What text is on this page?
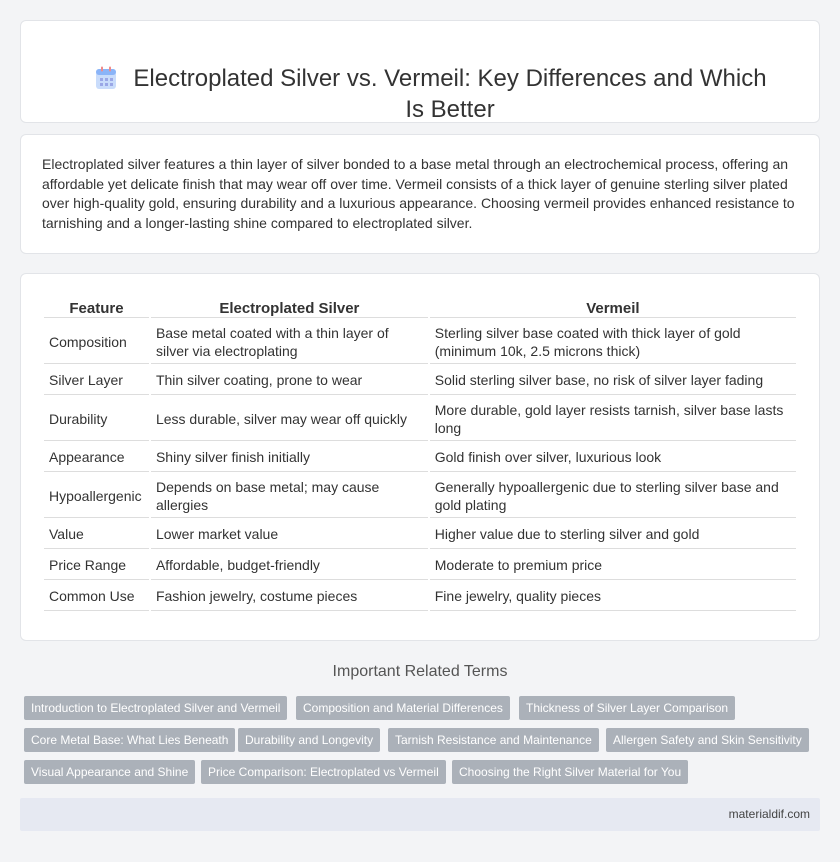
Electroplated Silver vs. Vermeil: Key Differences and Which Is Better

Electroplated silver features a thin layer of silver bonded to a base metal through an electrochemical process, offering an affordable yet delicate finish that may wear off over time. Vermeil consists of a thick layer of genuine sterling silver plated over high-quality gold, ensuring durability and a luxurious appearance. Choosing vermeil provides enhanced resistance to tarnishing and a longer-lasting shine compared to electroplated silver.

Feature	Electroplated Silver	Vermeil
Composition	Base metal coated with a thin layer of silver via electroplating	Sterling silver base coated with thick layer of gold (minimum 10k, 2.5 microns thick)
Silver Layer	Thin silver coating, prone to wear	Solid sterling silver base, no risk of silver layer fading
Durability	Less durable, silver may wear off quickly	More durable, gold layer resists tarnish, silver base lasts long
Appearance	Shiny silver finish initially	Gold finish over silver, luxurious look
Hypoallergenic	Depends on base metal; may cause allergies	Generally hypoallergenic due to sterling silver base and gold plating
Value	Lower market value	Higher value due to sterling silver and gold
Price Range	Affordable, budget-friendly	Moderate to premium price
Common Use	Fashion jewelry, costume pieces	Fine jewelry, quality pieces
Important Related Terms
Introduction to Electroplated Silver and Vermeil	Composition and Material Differences	Thickness of Silver Layer Comparison
Core Metal Base: What Lies Beneath	Durability and Longevity	Tarnish Resistance and Maintenance	Allergen Safety and Skin Sensitivity
Visual Appearance and Shine	Price Comparison: Electroplated vs Vermeil	Choosing the Right Silver Material for You
materialdif.com
